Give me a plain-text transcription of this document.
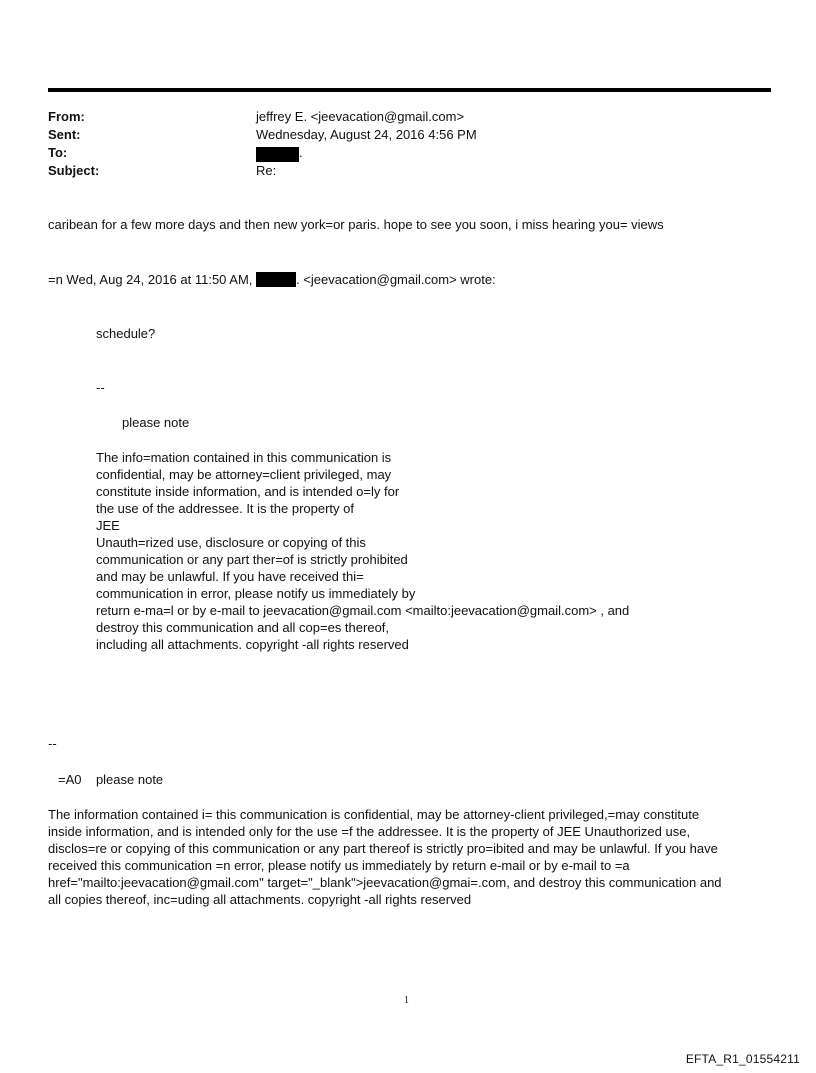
From:	jeffrey E. <jeevacation@gmail.com>
Sent:	Wednesday, August 24, 2016 4:56 PM
To:	.
Subject:	Re:
caribean for a few more days and then new york=or paris. hope to see you soon, i miss hearing you= views
=n Wed, Aug 24, 2016 at 11:50 AM,	. <jeevacation@gmail.com> wrote:
schedule?
--
please note
The info=mation contained in this communication is
confidential, may be attorney=client privileged, may
constitute inside information, and is intended o=ly for
the use of the addressee. It is the property of
JEE
Unauth=rized use, disclosure or copying of this
communication or any part ther=of is strictly prohibited
and may be unlawful. If you have received thi=
communication in error, please notify us immediately by
return e-ma=l or by e-mail to jeevacation@gmail.com <mailto:jeevacation@gmail.com> , and
destroy this communication and all cop=es thereof,
including all attachments. copyright -all rights reserved
--
=A0    please note
The information contained i= this communication is confidential, may be attorney-client privileged,=may constitute
inside information, and is intended only for the use =f the addressee. It is the property of JEE Unauthorized use,
disclos=re or copying of this communication or any part thereof is strictly pro=ibited and may be unlawful. If you have
received this communication =n error, please notify us immediately by return e-mail or by e-mail to =a
href="mailto:jeevacation@gmail.com" target="_blank">jeevacation@gmai=.com, and destroy this communication and
all copies thereof, inc=uding all attachments. copyright -all rights reserved
1
EFTA_R1_01554211
